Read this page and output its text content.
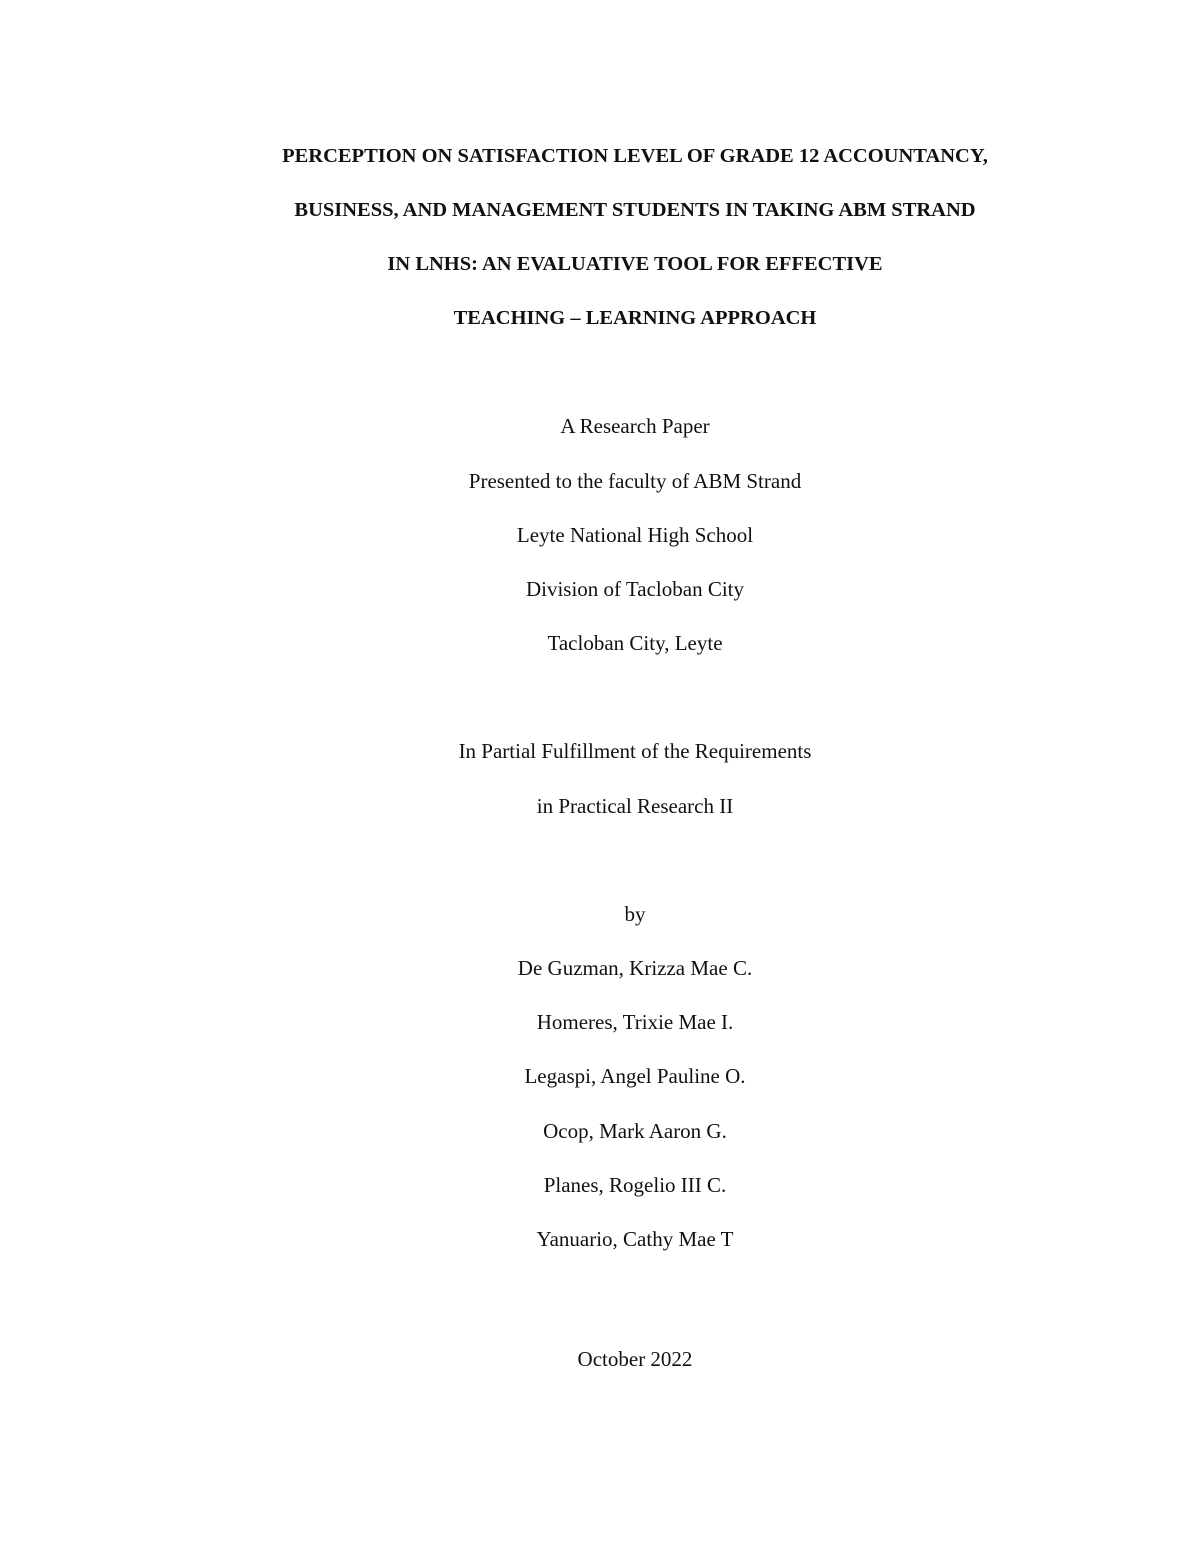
PERCEPTION ON SATISFACTION LEVEL OF GRADE 12 ACCOUNTANCY,
BUSINESS, AND MANAGEMENT STUDENTS IN TAKING ABM STRAND
IN LNHS: AN EVALUATIVE TOOL FOR EFFECTIVE
TEACHING – LEARNING APPROACH
A Research Paper
Presented to the faculty of ABM Strand
Leyte National High School
Division of Tacloban City
Tacloban City, Leyte
In Partial Fulfillment of the Requirements
in Practical Research II
by
De Guzman, Krizza Mae C.
Homeres, Trixie Mae I.
Legaspi, Angel Pauline O.
Ocop, Mark Aaron G.
Planes, Rogelio III C.
Yanuario, Cathy Mae T
October 2022
